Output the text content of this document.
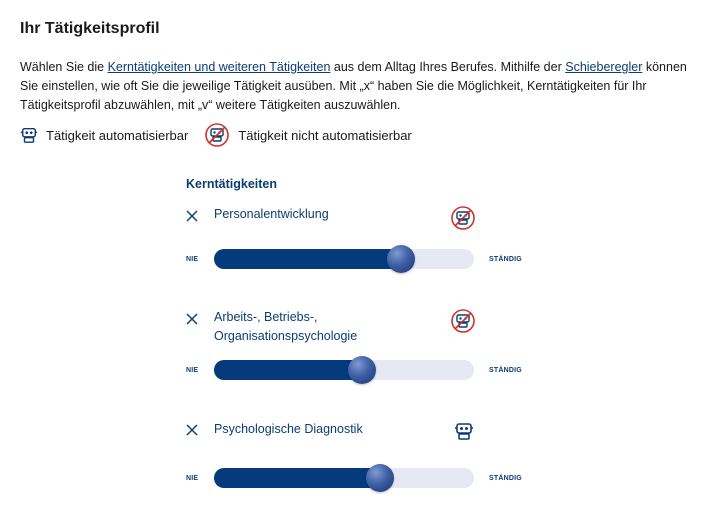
Ihr Tätigkeitsprofil
Wählen Sie die Kerntätigkeiten und weiteren Tätigkeiten aus dem Alltag Ihres Berufes. Mithilfe der Schieberegler können Sie einstellen, wie oft Sie die jeweilige Tätigkeit ausüben. Mit „x“ haben Sie die Möglichkeit, Kerntätigkeiten für Ihr Tätigkeitsprofil abzuwählen, mit „v“ weitere Tätigkeiten auszuwählen.
Tätigkeit automatisierbar	Tätigkeit nicht automatisierbar
Kerntätigkeiten
Personalentwicklung
NIE	STÄNDIG
Arbeits-, Betriebs-, Organisationspsychologie
NIE	STÄNDIG
Psychologische Diagnostik
NIE	STÄNDIG
